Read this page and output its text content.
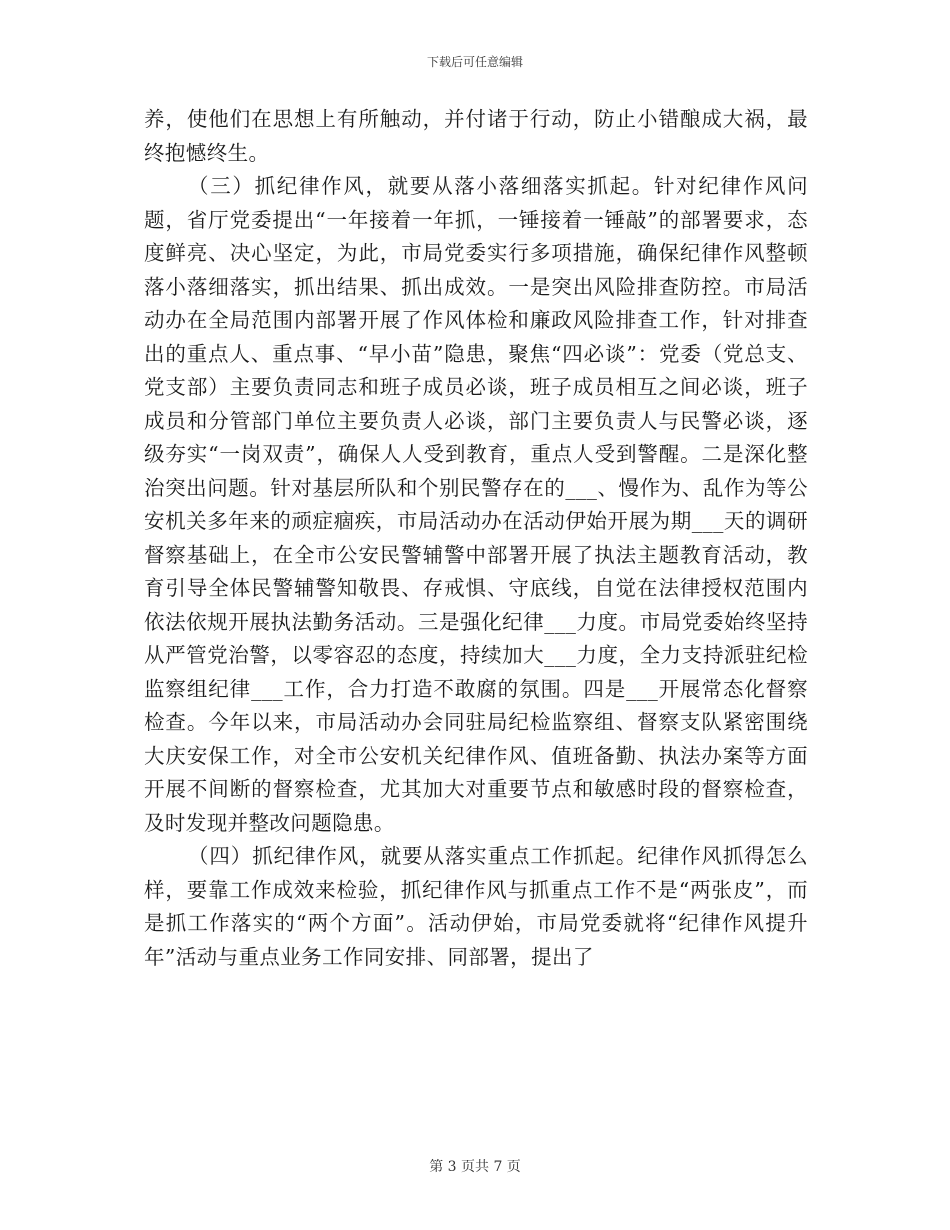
下载后可任意编辑

养，使他们在思想上有所触动，并付诸于行动，防止小错酿成大祸，最终抱憾终生。

（三）抓纪律作风，就要从落小落细落实抓起。针对纪律作风问题，省厅党委提出“一年接着一年抓，一锤接着一锤敲”的部署要求，态度鲜亮、决心坚定，为此，市局党委实行多项措施，确保纪律作风整顿落小落细落实，抓出结果、抓出成效。一是突出风险排查防控。市局活动办在全局范围内部署开展了作风体检和廉政风险排查工作，针对排查出的重点人、重点事、“早小苗”隐患，聚焦“四必谈”：党委（党总支、党支部）主要负责同志和班子成员必谈，班子成员相互之间必谈，班子成员和分管部门单位主要负责人必谈，部门主要负责人与民警必谈，逐级夯实“一岗双责”，确保人人受到教育，重点人受到警醒。二是深化整治突出问题。针对基层所队和个别民警存在的___、慢作为、乱作为等公安机关多年来的顽症痼疾，市局活动办在活动伊始开展为期___天的调研督察基础上，在全市公安民警辅警中部署开展了执法主题教育活动，教育引导全体民警辅警知敬畏、存戒惧、守底线，自觉在法律授权范围内依法依规开展执法勤务活动。三是强化纪律___力度。市局党委始终坚持从严管党治警，以零容忍的态度，持续加大___力度，全力支持派驻纪检监察组纪律___工作，合力打造不敢腐的氛围。四是___开展常态化督察检查。今年以来，市局活动办会同驻局纪检监察组、督察支队紧密围绕大庆安保工作，对全市公安机关纪律作风、值班备勤、执法办案等方面开展不间断的督察检查，尤其加大对重要节点和敏感时段的督察检查，及时发现并整改问题隐患。

（四）抓纪律作风，就要从落实重点工作抓起。纪律作风抓得怎么样，要靠工作成效来检验，抓纪律作风与抓重点工作不是“两张皮”，而是抓工作落实的“两个方面”。活动伊始，市局党委就将“纪律作风提升年”活动与重点业务工作同安排、同部署，提出了

第 3 页共 7 页
